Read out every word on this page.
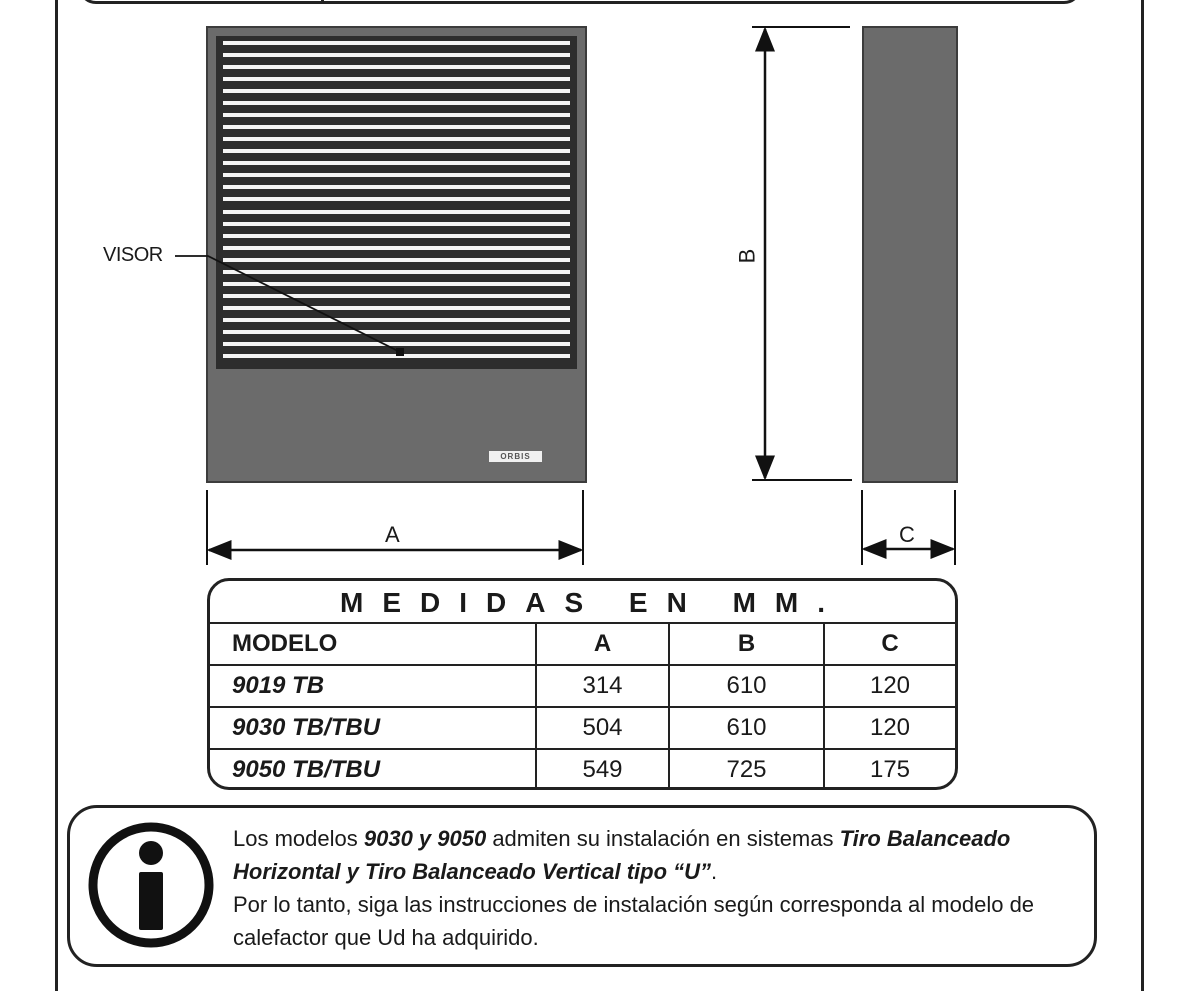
ORBIS
VISOR
A
B
C
MEDIDAS EN MM.
MODELO	A	B	C
9019 TB	314	610	120
9030 TB/TBU	504	610	120
9050 TB/TBU	549	725	175
Los modelos 9030 y 9050 admiten su instalación en sistemas Tiro Balanceado Horizontal y Tiro Balanceado Vertical tipo “U”.
Por lo tanto, siga las instrucciones de instalación según corresponda al modelo de calefactor que Ud ha adquirido.
